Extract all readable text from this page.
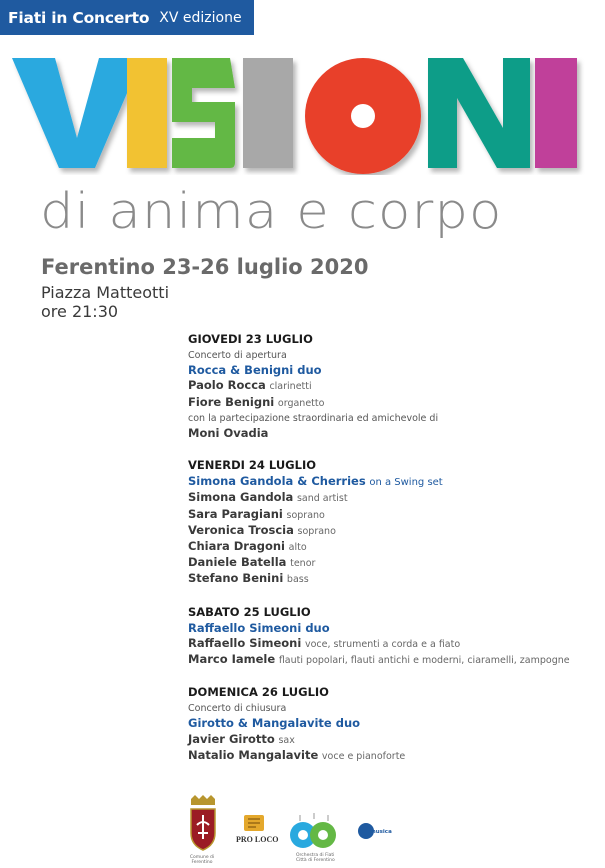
Fiati in Concerto XV edizione
di anima e corpo
Ferentino 23-26 luglio 2020
Piazza Matteotti
ore 21:30
GIOVEDI 23 LUGLIO
Concerto di apertura
Rocca & Benigni duo
Paolo Rocca clarinetti
Fiore Benigni organetto
con la partecipazione straordinaria ed amichevole di
Moni Ovadia
VENERDI 24 LUGLIO
Simona Gandola & Cherries on a Swing set
Simona Gandola sand artist
Sara Paragiani soprano
Veronica Troscia soprano
Chiara Dragoni alto
Daniele Batella tenor
Stefano Benini bass
SABATO 25 LUGLIO
Raffaello Simeoni duo
Raffaello Simeoni voce, strumenti a corda e a fiato
Marco Iamele flauti popolari, flauti antichi e moderni, ciaramelli, zampogne
DOMENICA 26 LUGLIO
Concerto di chiusura
Girotto & Mangalavite duo
Javier Girotto sax
Natalio Mangalavite voce e pianoforte
Comune di Ferentino
PRO LOCO
Orchestra di Fiati Città di Ferentino
musica
